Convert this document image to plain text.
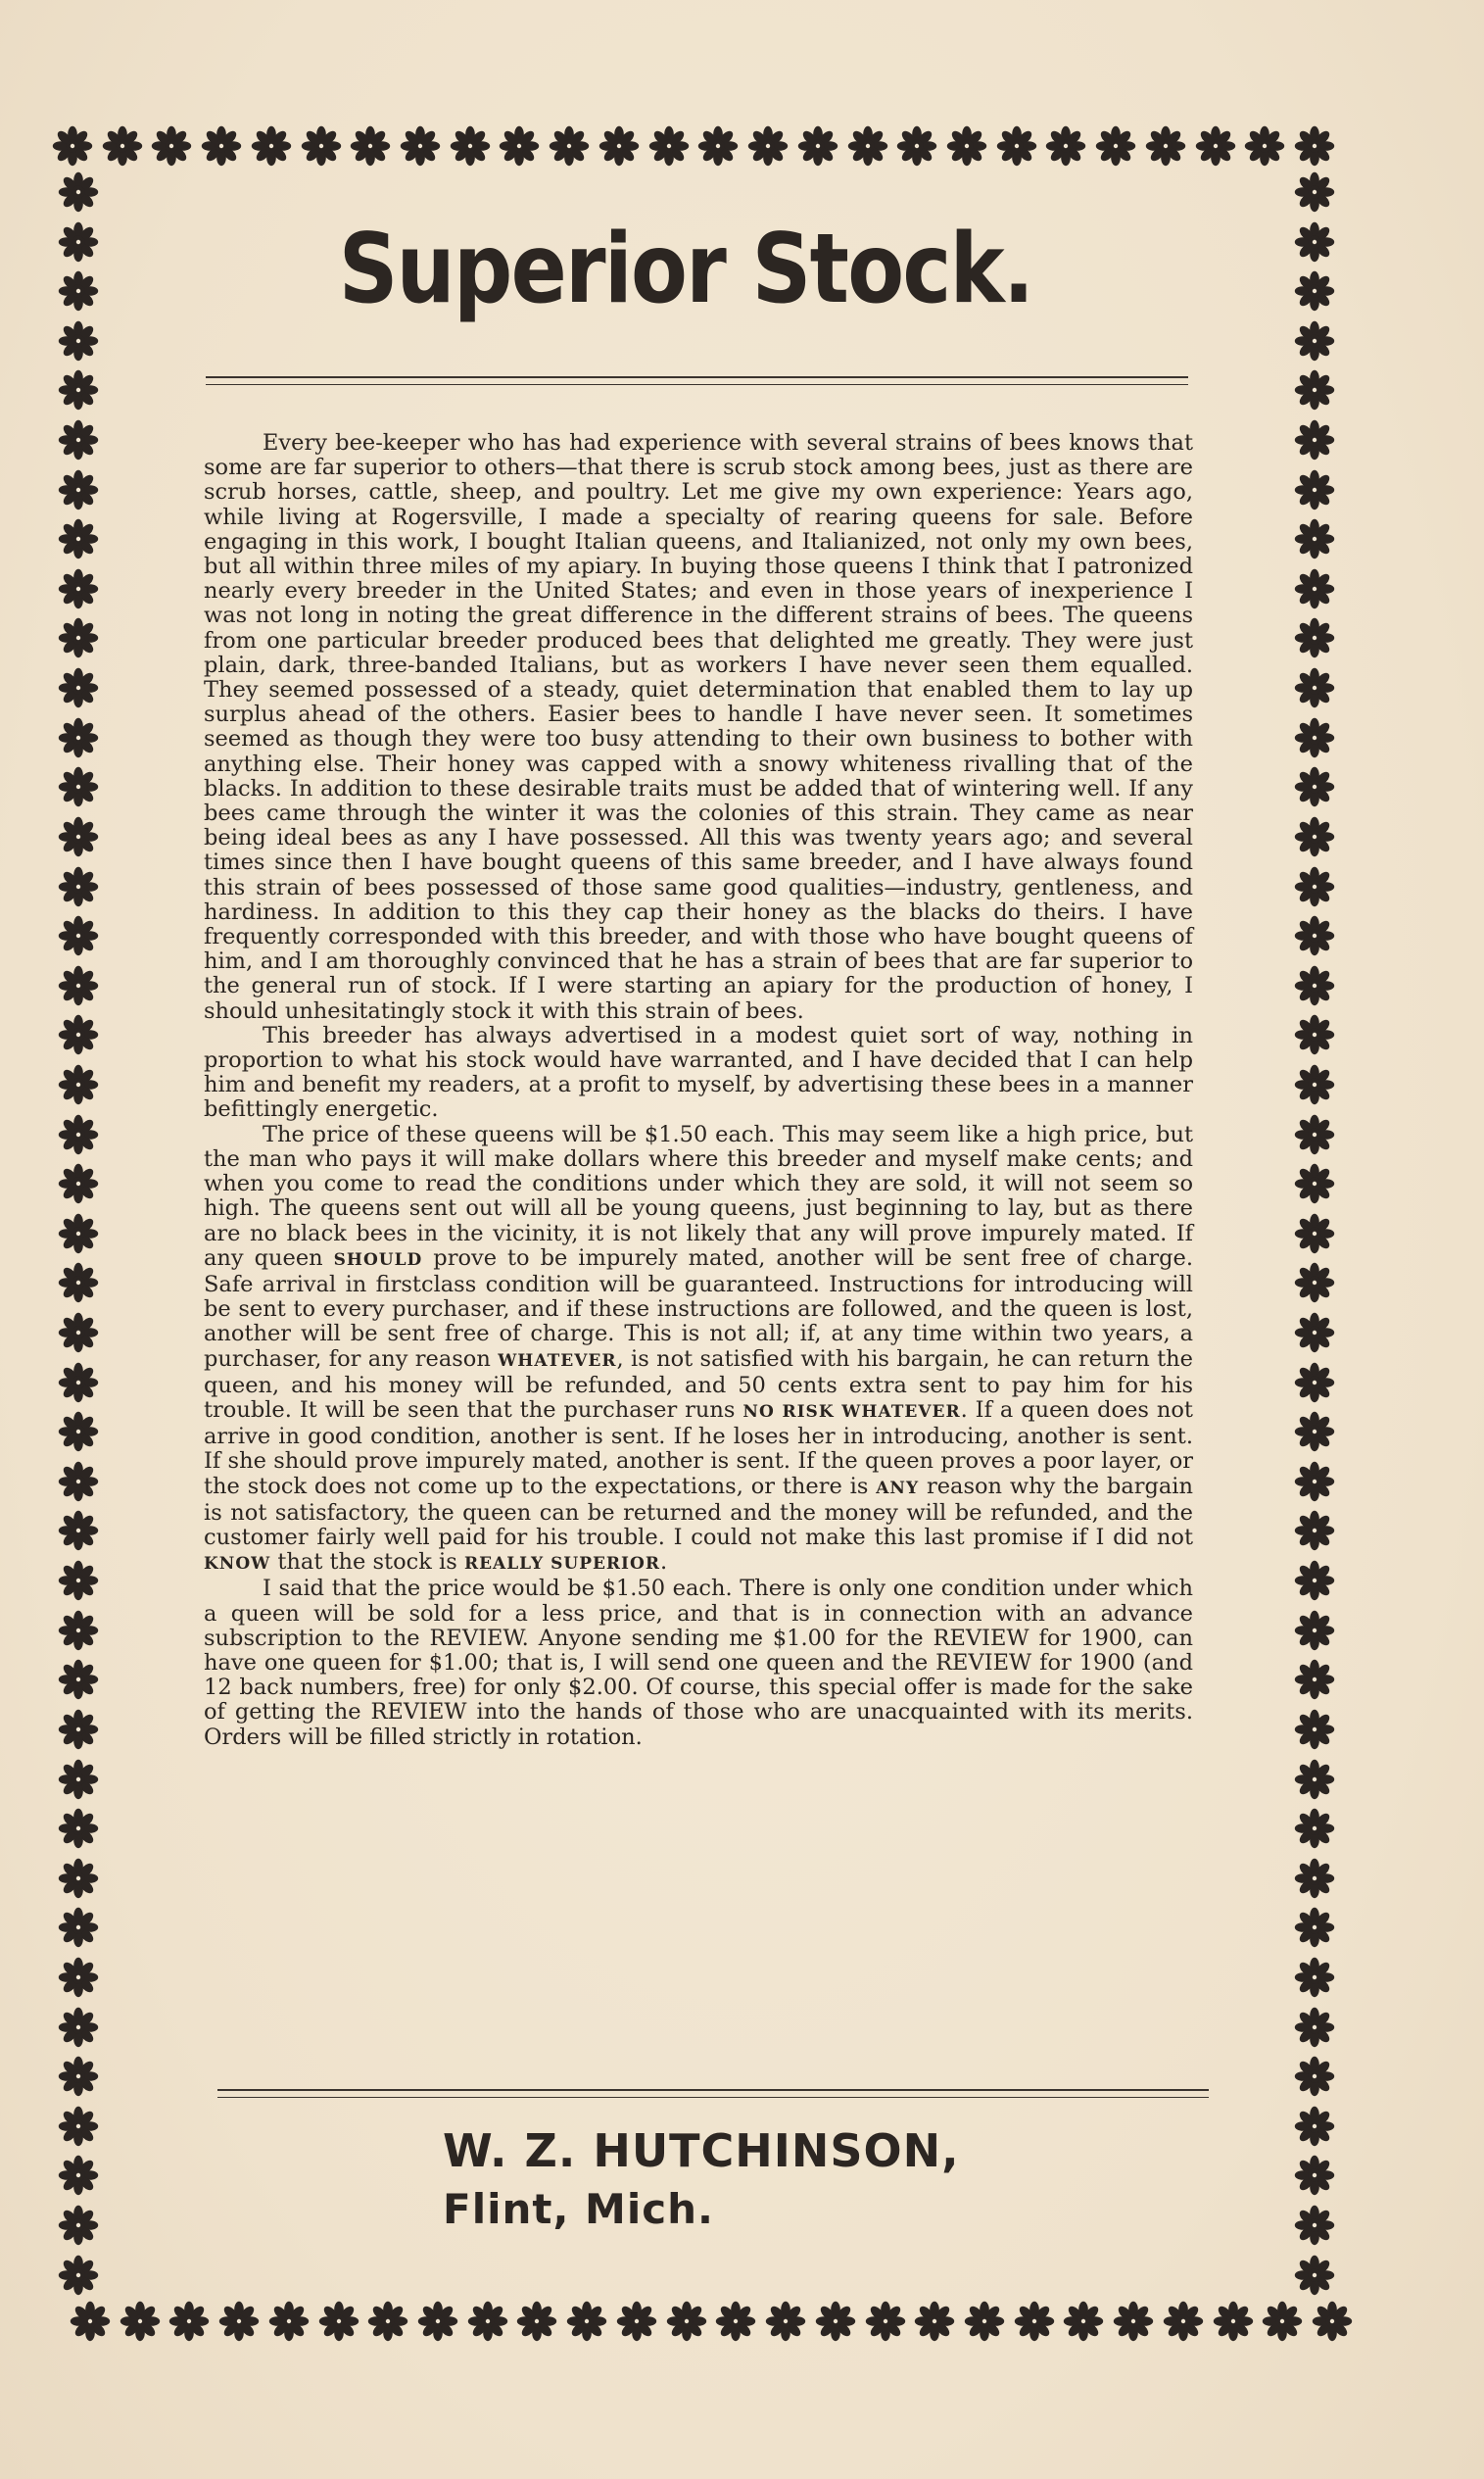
Superior Stock.

Every bee-keeper who has had experience with several strains of bees knows that some are far superior to others—that there is scrub stock among bees, just as there are scrub horses, cattle, sheep, and poultry. Let me give my own experience: Years ago, while living at Rogersville, I made a specialty of rearing queens for sale. Before engaging in this work, I bought Italian queens, and Italianized, not only my own bees, but all within three miles of my apiary. In buying those queens I think that I patronized nearly every breeder in the United States; and even in those years of inexperience I was not long in noting the great difference in the different strains of bees. The queens from one particular breeder produced bees that delighted me greatly. They were just plain, dark, three-banded Italians, but as workers I have never seen them equalled. They seemed possessed of a steady, quiet determination that enabled them to lay up surplus ahead of the others. Easier bees to handle I have never seen. It sometimes seemed as though they were too busy attending to their own business to bother with anything else. Their honey was capped with a snowy whiteness rivalling that of the blacks. In addition to these desirable traits must be added that of wintering well. If any bees came through the winter it was the colonies of this strain. They came as near being ideal bees as any I have possessed. All this was twenty years ago; and several times since then I have bought queens of this same breeder, and I have always found this strain of bees possessed of those same good qualities—industry, gentleness, and hardiness. In addition to this they cap their honey as the blacks do theirs. I have frequently corresponded with this breeder, and with those who have bought queens of him, and I am thoroughly convinced that he has a strain of bees that are far superior to the general run of stock. If I were starting an apiary for the production of honey, I should unhesitatingly stock it with this strain of bees.

This breeder has always advertised in a modest quiet sort of way, nothing in proportion to what his stock would have warranted, and I have decided that I can help him and benefit my readers, at a profit to myself, by advertising these bees in a manner befittingly energetic.

The price of these queens will be $1.50 each. This may seem like a high price, but the man who pays it will make dollars where this breeder and myself make cents; and when you come to read the conditions under which they are sold, it will not seem so high. The queens sent out will all be young queens, just beginning to lay, but as there are no black bees in the vicinity, it is not likely that any will prove impurely mated. If any queen SHOULD prove to be impurely mated, another will be sent free of charge. Safe arrival in firstclass condition will be guaranteed. Instructions for introducing will be sent to every purchaser, and if these instructions are followed, and the queen is lost, another will be sent free of charge. This is not all; if, at any time within two years, a purchaser, for any reason WHATEVER, is not satisfied with his bargain, he can return the queen, and his money will be refunded, and 50 cents extra sent to pay him for his trouble. It will be seen that the purchaser runs NO RISK WHATEVER. If a queen does not arrive in good condition, another is sent. If he loses her in introducing, another is sent. If she should prove impurely mated, another is sent. If the queen proves a poor layer, or the stock does not come up to the expectations, or there is ANY reason why the bargain is not satisfactory, the queen can be returned and the money will be refunded, and the customer fairly well paid for his trouble. I could not make this last promise if I did not KNOW that the stock is REALLY SUPERIOR.

I said that the price would be $1.50 each. There is only one condition under which a queen will be sold for a less price, and that is in connection with an advance subscription to the REVIEW. Anyone sending me $1.00 for the REVIEW for 1900, can have one queen for $1.00; that is, I will send one queen and the REVIEW for 1900 (and 12 back numbers, free) for only $2.00. Of course, this special offer is made for the sake of getting the REVIEW into the hands of those who are unacquainted with its merits. Orders will be filled strictly in rotation.

W. Z. HUTCHINSON,
Flint, Mich.
